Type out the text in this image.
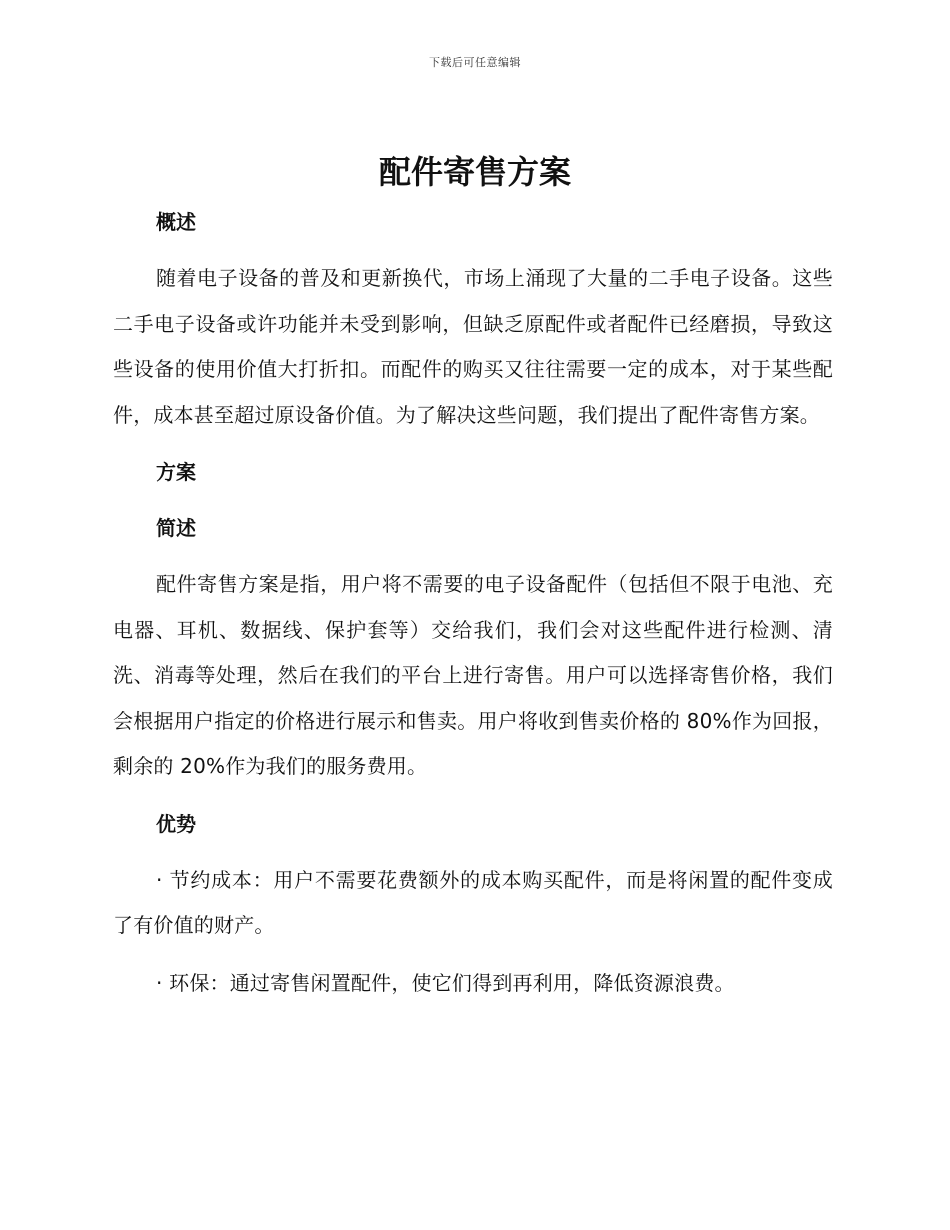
下载后可任意编辑
配件寄售方案
概述

随着电子设备的普及和更新换代，市场上涌现了大量的二手电子设备。这些二手电子设备或许功能并未受到影响，但缺乏原配件或者配件已经磨损，导致这些设备的使用价值大打折扣。而配件的购买又往往需要一定的成本，对于某些配件，成本甚至超过原设备价值。为了解决这些问题，我们提出了配件寄售方案。

方案
简述

配件寄售方案是指，用户将不需要的电子设备配件（包括但不限于电池、充电器、耳机、数据线、保护套等）交给我们，我们会对这些配件进行检测、清洗、消毒等处理，然后在我们的平台上进行寄售。用户可以选择寄售价格，我们会根据用户指定的价格进行展示和售卖。用户将收到售卖价格的 80%作为回报，剩余的 20%作为我们的服务费用。

优势

· 节约成本：用户不需要花费额外的成本购买配件，而是将闲置的配件变成了有价值的财产。

· 环保：通过寄售闲置配件，使它们得到再利用，降低资源浪费。
